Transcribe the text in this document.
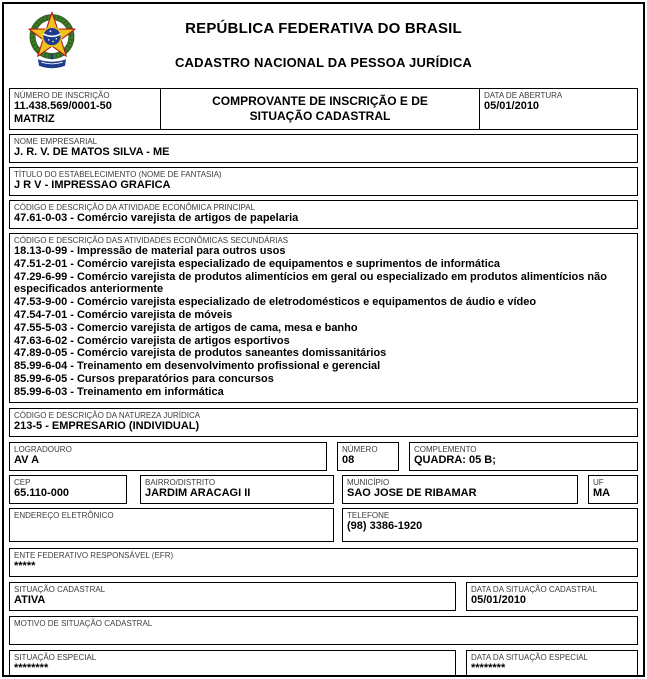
REPÚBLICA FEDERATIVA DO BRASIL
CADASTRO NACIONAL DA PESSOA JURÍDICA
NÚMERO DE INSCRIÇÃO
11.438.569/0001-50
MATRIZ
COMPROVANTE DE INSCRIÇÃO E DE
SITUAÇÃO CADASTRAL
DATA DE ABERTURA
05/01/2010
NOME EMPRESARIAL
J. R. V. DE MATOS SILVA - ME
TÍTULO DO ESTABELECIMENTO (NOME DE FANTASIA)
J R V - IMPRESSAO GRAFICA
CÓDIGO E DESCRIÇÃO DA ATIVIDADE ECONÔMICA PRINCIPAL
47.61-0-03 - Comércio varejista de artigos de papelaria
CÓDIGO E DESCRIÇÃO DAS ATIVIDADES ECONÔMICAS SECUNDÁRIAS
18.13-0-99 - Impressão de material para outros usos
47.51-2-01 - Comércio varejista especializado de equipamentos e suprimentos de informática
47.29-6-99 - Comércio varejista de produtos alimentícios em geral ou especializado em produtos alimentícios não especificados anteriormente
47.53-9-00 - Comércio varejista especializado de eletrodomésticos e equipamentos de áudio e vídeo
47.54-7-01 - Comércio varejista de móveis
47.55-5-03 - Comercio varejista de artigos de cama, mesa e banho
47.63-6-02 - Comércio varejista de artigos esportivos
47.89-0-05 - Comércio varejista de produtos saneantes domissanitários
85.99-6-04 - Treinamento em desenvolvimento profissional e gerencial
85.99-6-05 - Cursos preparatórios para concursos
85.99-6-03 - Treinamento em informática
CÓDIGO E DESCRIÇÃO DA NATUREZA JURÍDICA
213-5 - EMPRESARIO (INDIVIDUAL)
LOGRADOURO
AV A
NÚMERO
08
COMPLEMENTO
QUADRA: 05 B;
CEP
65.110-000
BAIRRO/DISTRITO
JARDIM ARACAGI II
MUNICÍPIO
SAO JOSE DE RIBAMAR
UF
MA
ENDEREÇO ELETRÔNICO	TELEFONE
(98) 3386-1920
ENTE FEDERATIVO RESPONSÁVEL (EFR)
*****
SITUAÇÃO CADASTRAL
ATIVA
DATA DA SITUAÇÃO CADASTRAL
05/01/2010
MOTIVO DE SITUAÇÃO CADASTRAL
SITUAÇÃO ESPECIAL
********
DATA DA SITUAÇÃO ESPECIAL
********
